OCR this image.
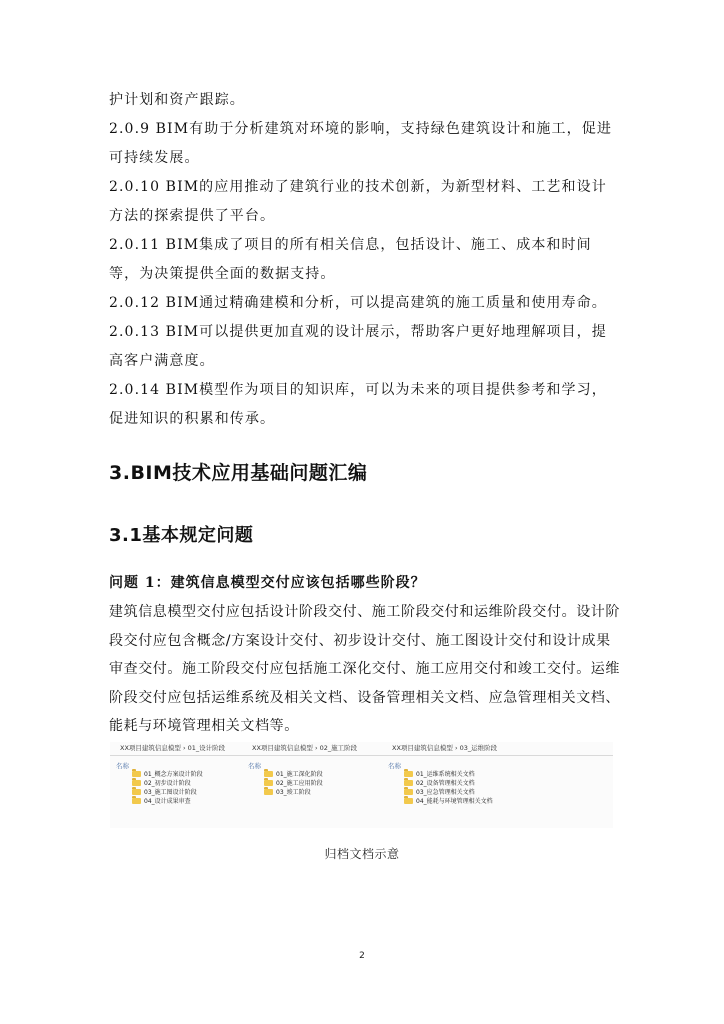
护计划和资产跟踪。

2.0.9 BIM有助于分析建筑对环境的影响，支持绿色建筑设计和施工，促进可持续发展。

2.0.10 BIM的应用推动了建筑行业的技术创新，为新型材料、工艺和设计方法的探索提供了平台。

2.0.11 BIM集成了项目的所有相关信息，包括设计、施工、成本和时间等，为决策提供全面的数据支持。

2.0.12 BIM通过精确建模和分析，可以提高建筑的施工质量和使用寿命。

2.0.13 BIM可以提供更加直观的设计展示，帮助客户更好地理解项目，提高客户满意度。

2.0.14 BIM模型作为项目的知识库，可以为未来的项目提供参考和学习，促进知识的积累和传承。

3.BIM技术应用基础问题汇编
3.1基本规定问题

问题 1：建筑信息模型交付应该包括哪些阶段？

建筑信息模型交付应包括设计阶段交付、施工阶段交付和运维阶段交付。设计阶段交付应包含概念/方案设计交付、初步设计交付、施工图设计交付和设计成果审查交付。施工阶段交付应包括施工深化交付、施工应用交付和竣工交付。运维阶段交付应包括运维系统及相关文档、设备管理相关文档、应急管理相关文档、能耗与环境管理相关文档等。

XX项目建筑信息模型 › 01_设计阶段
名称
01_概念方案设计阶段
02_初步设计阶段
03_施工图设计阶段
04_设计成果审查
XX项目建筑信息模型 › 02_施工阶段
名称
01_施工深化阶段
02_施工应用阶段
03_竣工阶段
XX项目建筑信息模型 › 03_运维阶段
名称
01_运维系统相关文档
02_设备管理相关文档
03_应急管理相关文档
04_能耗与环境管理相关文档

归档文档示意

2
